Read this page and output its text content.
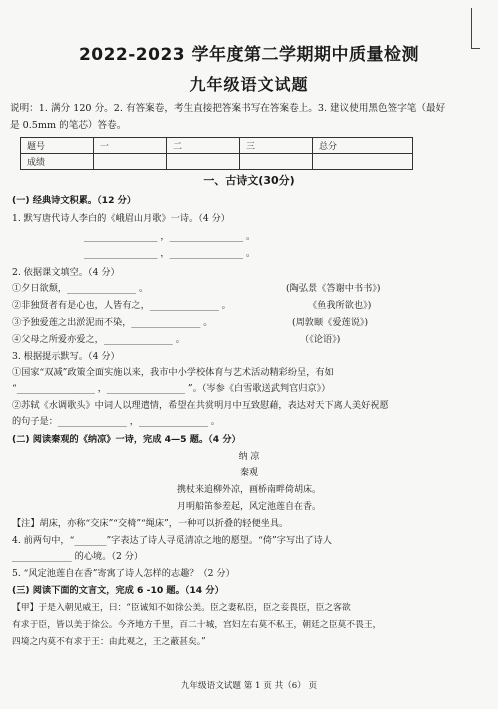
2022-2023 学年度第二学期期中质量检测
九年级语文试题
说明：1. 满分 120 分。2. 有答案卷，考生直接把答案书写在答案卷上。3. 建议使用黑色签字笔（最好是 0.5mm 的笔芯）答卷。
题号	一	二	三	总分
成绩				
一、古诗文(30分)
(一) 经典诗文积累。（12 分）
1. 默写唐代诗人李白的《峨眉山月歌》一诗。（4 分）
________________ ，________________ 。
________________ ，________________ 。
2. 依据课文填空。（4 分）
①夕日欲颓，_______________ 。	(陶弘景《答谢中书书》)
②非独贤者有是心也，人皆有之，_______________ 。	《鱼我所欲也》)
③予独爱莲之出淤泥而不染，_______________ 。	(周敦颐《爱莲说》)
④父母之所爱亦爱之，_______________ 。	（《论语》)
3. 根据提示默写。（4 分）
①国家“双减”政策全面实施以来，我市中小学校体育与艺术活动精彩纷呈，有如
“_________________ ，_________________ ”。（岑参《白雪歌送武判官归京》）
②苏轼《水调歌头》中词人以理遣情，希望在共赏明月中互致慰藉，表达对天下离人美好祝愿
的句子是：_______________ ，_______________ 。
(二) 阅读秦观的《纳凉》一诗，完成 4—5 题。（4 分）
纳 凉
秦观
携杖来追柳外凉，画桥南畔倚胡床。
月明船笛参差起，风定池莲自在香。
【注】胡床，亦称“交床”“交椅”“绳床”，一种可以折叠的轻便坐具。
4. 前两句中，“_______”字表达了诗人寻觅清凉之地的愿望。“倚”字写出了诗人
_____________ 的心境。（2 分）
5. “风定池莲自在香”寄寓了诗人怎样的志趣？（2 分）
(三) 阅读下面的文言文，完成 6 -10 题。（14 分）
【甲】于是入朝见威王，曰：“臣诚知不如徐公美。臣之妻私臣，臣之妾畏臣，臣之客欲
有求于臣，皆以美于徐公。今齐地方千里，百二十城，宫妇左右莫不私王，朝廷之臣莫不畏王，
四境之内莫不有求于王：由此观之，王之蔽甚矣。”
九年级语文试题 第 1 页 共（6） 页
